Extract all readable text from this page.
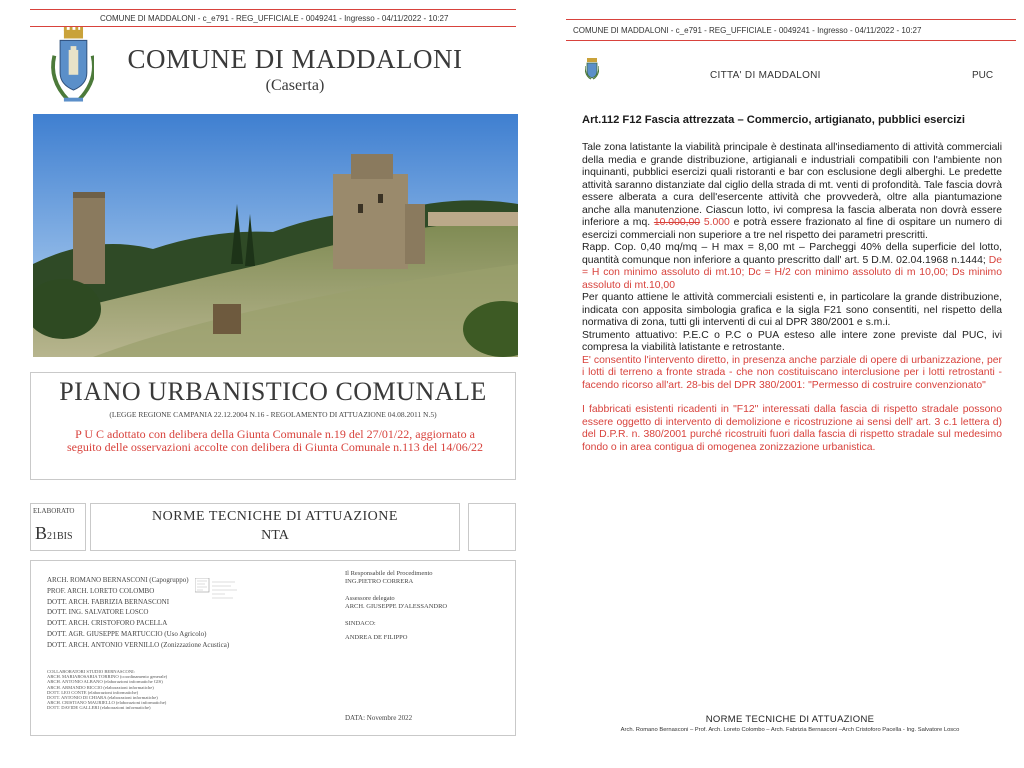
COMUNE DI MADDALONI - c_e791 - REG_UFFICIALE - 0049241 - Ingresso - 04/11/2022 - 10:27
COMUNE DI MADDALONI
(Caserta)
PIANO URBANISTICO COMUNALE
(LEGGE REGIONE CAMPANIA 22.12.2004 N.16 - REGOLAMENTO DI ATTUAZIONE 04.08.2011 N.5)
P U C adottato con delibera della Giunta Comunale n.19 del 27/01/22, aggiornato a
seguito delle osservazioni accolte con delibera di Giunta Comunale n.113 del 14/06/22
ELABORATO
B21BIS
NORME TECNICHE DI ATTUAZIONE
NTA
ARCH. ROMANO BERNASCONI (Capogruppo)
PROF. ARCH. LORETO COLOMBO
DOTT. ARCH. FABRIZIA BERNASCONI
DOTT. ING. SALVATORE LOSCO
DOTT. ARCH. CRISTOFORO PACELLA
DOTT. AGR. GIUSEPPE MARTUCCIO (Uso Agricolo)
DOTT. ARCH. ANTONIO VERNILLO (Zonizzazione Acustica)
COLLABORATORI STUDIO BERNASCONI:
ARCH. MARIAROSARIA TORRINO (coordinamento generale)
ARCH. ANTONIO ALBANO (elaborazioni informatiche GIS)
ARCH. ARMANDO RICCIO (elaborazioni informatiche)
DOTT. LEO CONTE (elaborazioni informatiche)
DOTT. ANTONIO DI CHIARA (elaborazioni informatiche)
ARCH. CRISTIANO MAURIELLO (elaborazioni informatiche)
DOTT. DAVIDE GALLERI (elaborazioni informatiche)
Il Responsabile del Procedimento
ING.PIETRO CORRERA
Assessore delegato
ARCH. GIUSEPPE D'ALESSANDRO
SINDACO:
ANDREA DE FILIPPO
DATA: Novembre 2022
COMUNE DI MADDALONI - c_e791 - REG_UFFICIALE - 0049241 - Ingresso - 04/11/2022 - 10:27
CITTA' DI MADDALONI	PUC
Art.112 F12 Fascia attrezzata – Commercio, artigianato, pubblici esercizi

Tale zona latistante la viabilità principale è destinata all'insediamento di attività commerciali della media e grande distribuzione, artigianali e industriali compatibili con l'ambiente non inquinanti, pubblici esercizi quali ristoranti e bar con esclusione degli alberghi. Le predette attività saranno distanziate dal ciglio della strada di mt. venti di profondità. Tale fascia dovrà essere alberata a cura dell'esercente attività che provvederà, oltre alla piantumazione anche alla manutenzione. Ciascun lotto, ivi compresa la fascia alberata non dovrà essere inferiore a mq. 10.000,00 5.000 e potrà essere frazionato al fine di ospitare un numero di esercizi commerciali non superiore a tre nel rispetto dei parametri prescritti.

Rapp. Cop. 0,40 mq/mq – H max = 8,00 mt – Parcheggi 40% della superficie del lotto, quantità comunque non inferiore a quanto prescritto dall' art. 5 D.M. 02.04.1968 n.1444; De = H con minimo assoluto di mt.10; Dc = H/2 con minimo assoluto di m 10,00; Ds minimo assoluto di mt.10,00

Per quanto attiene le attività commerciali esistenti e, in particolare la grande distribuzione, indicata con apposita simbologia grafica e la sigla F21 sono consentiti, nel rispetto della normativa di zona, tutti gli interventi di cui al DPR 380/2001 e s.m.i.

Strumento attuativo: P.E.C o P.C o PUA esteso alle intere zone previste dal PUC, ivi compresa la viabilità latistante e retrostante.

E' consentito l'intervento diretto, in presenza anche parziale di opere di urbanizzazione, per i lotti di terreno a fronte strada - che non costituiscano interclusione per i lotti retrostanti - facendo ricorso all'art. 28-bis del DPR 380/2001: "Permesso di costruire convenzionato"

I fabbricati esistenti ricadenti in "F12" interessati dalla fascia di rispetto stradale possono essere oggetto di intervento di demolizione e ricostruzione ai sensi dell' art. 3 c.1 lettera d) del D.P.R. n. 380/2001 purché ricostruiti fuori dalla fascia di rispetto stradale sul medesimo fondo o in area contigua di omogenea zonizzazione urbanistica.

NORME TECNICHE DI ATTUAZIONE
Arch. Romano Bernasconi – Prof. Arch. Loreto Colombo – Arch. Fabrizia Bernasconi –Arch Cristoforo Pacella - Ing. Salvatore Losco
